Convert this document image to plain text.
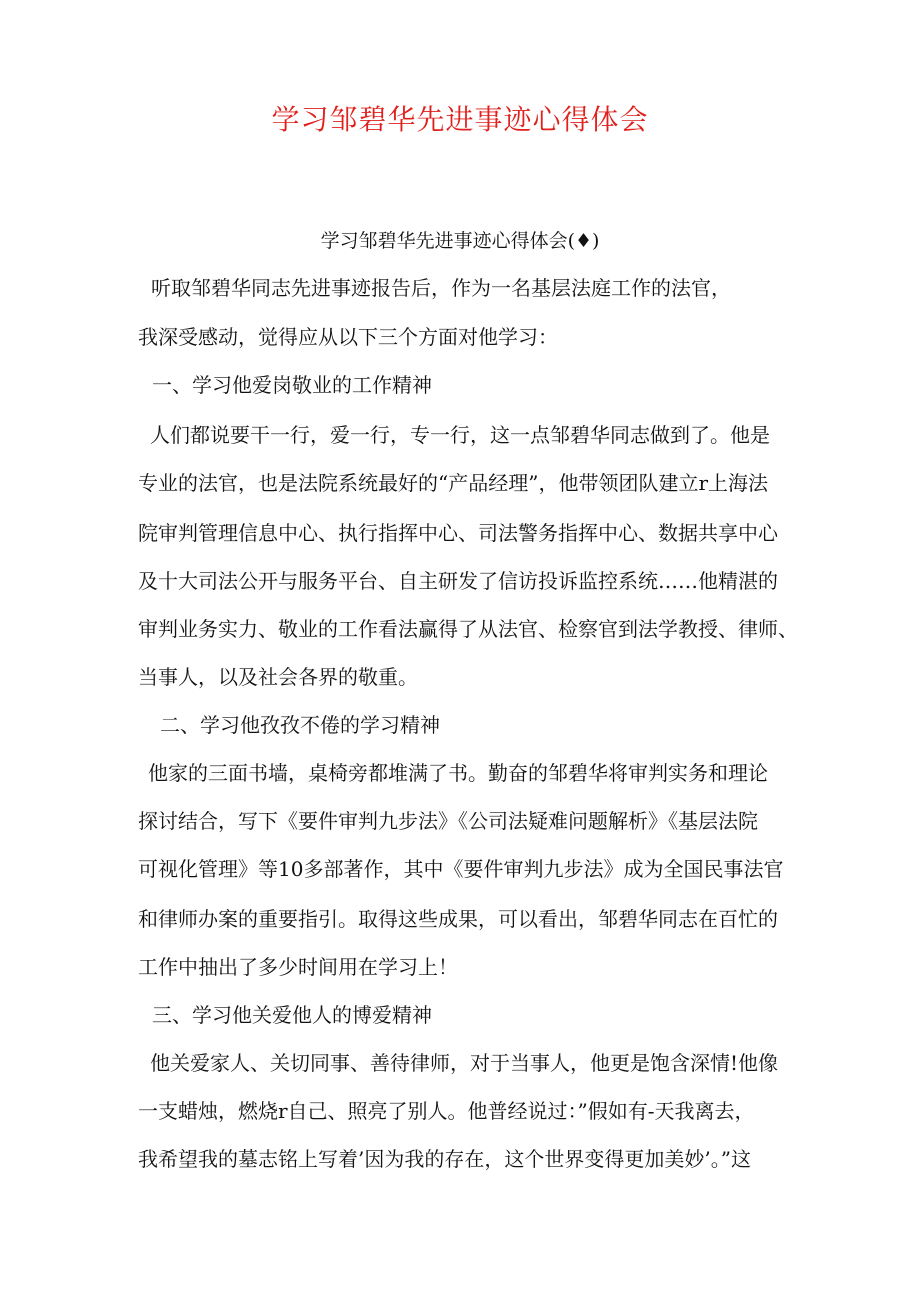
学习邹碧华先进事迹心得体会

学习邹碧华先进事迹心得体会(♦)

听取邹碧华同志先进事迹报告后，作为一名基层法庭工作的法官，

我深受感动，觉得应从以下三个方面对他学习：

一、学习他爱岗敬业的工作精神

人们都说要干一行，爱一行，专一行，这一点邹碧华同志做到了。他是

专业的法官，也是法院系统最好的“产品经理”，他带领团队建立r上海法

院审判管理信息中心、执行指挥中心、司法警务指挥中心、数据共享中心

及十大司法公开与服务平台、自主研发了信访投诉监控系统……他精湛的

审判业务实力、敬业的工作看法赢得了从法官、检察官到法学教授、律师、

当事人，以及社会各界的敬重。

二、学习他孜孜不倦的学习精神

他家的三面书墙，桌椅旁都堆满了书。勤奋的邹碧华将审判实务和理论

探讨结合，写下《要件审判九步法》《公司法疑难问题解析》《基层法院

可视化管理》等10多部著作，其中《要件审判九步法》成为全国民事法官

和律师办案的重要指引。取得这些成果，可以看出，邹碧华同志在百忙的

工作中抽出了多少时间用在学习上！

三、学习他关爱他人的博爱精神

他关爱家人、关切同事、善待律师，对于当事人，他更是饱含深情!他像

一支蜡烛，燃烧r自己、照亮了别人。他普经说过：”假如有-天我离去，

我希望我的墓志铭上写着’因为我的存在，这个世界变得更加美妙’。”这
